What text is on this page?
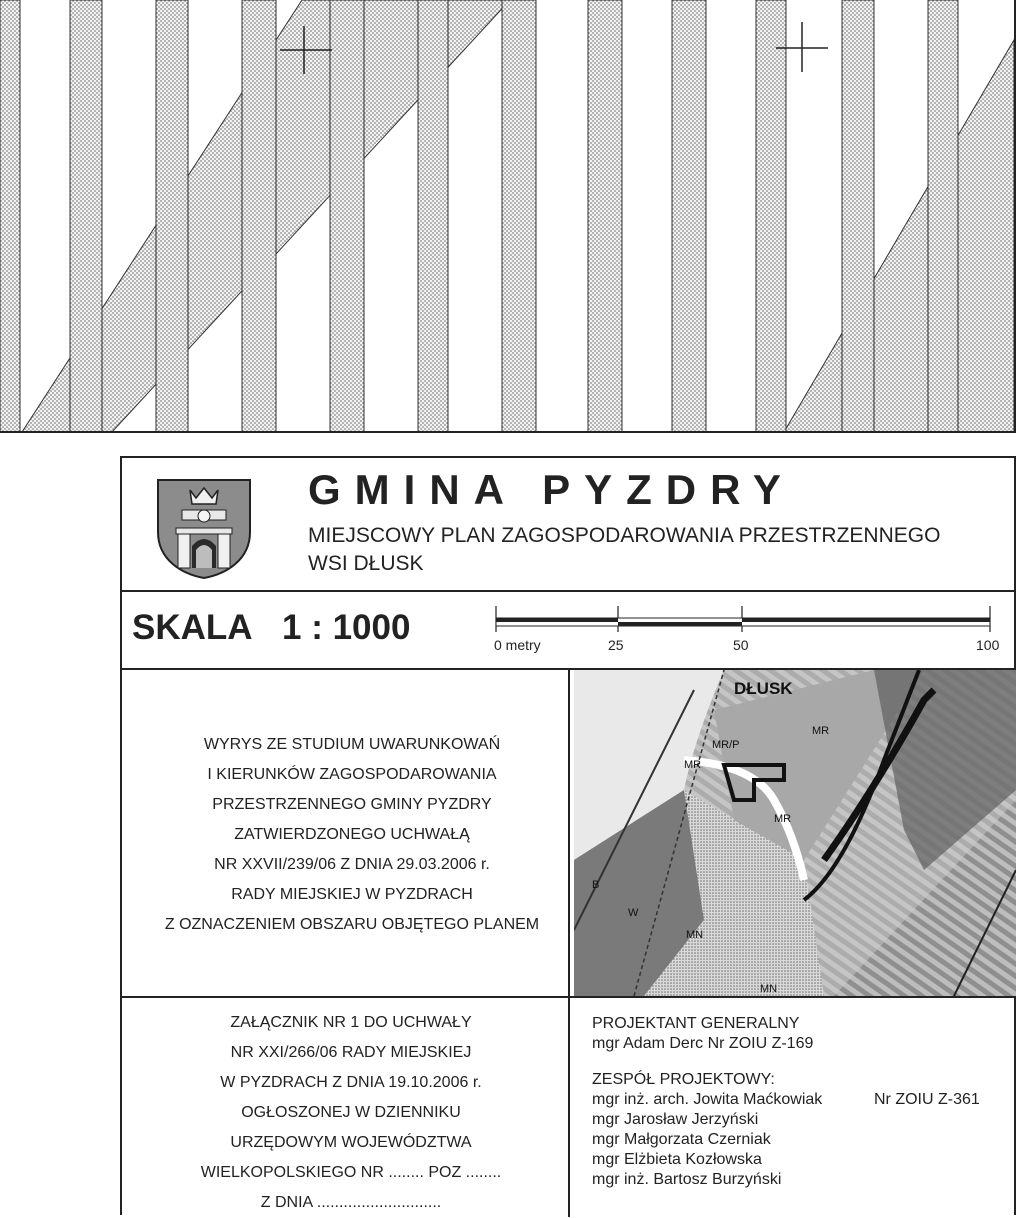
GMINA PYZDRY
MIEJSCOWY PLAN ZAGOSPODAROWANIA PRZESTRZENNEGO
WSI DŁUSK
SKALA 1 : 1000	0 metry	25	50	100
WYRYS ZE STUDIUM UWARUNKOWAŃ
I KIERUNKÓW ZAGOSPODAROWANIA
PRZESTRZENNEGO GMINY PYZDRY
ZATWIERDZONEGO UCHWAŁĄ
NR XXVII/239/06 Z DNIA 29.03.2006 r.
RADY MIEJSKIEJ W PYZDRACH
Z OZNACZENIEM OBSZARU OBJĘTEGO PLANEM
DŁUSK
MR/P
MR
MR
MR
MN
MN
W
B
ZAŁĄCZNIK NR 1 DO UCHWAŁY
NR XXI/266/06 RADY MIEJSKIEJ
W PYZDRACH Z DNIA 19.10.2006 r.
OGŁOSZONEJ W DZIENNIKU
URZĘDOWYM WOJEWÓDZTWA
WIELKOPOLSKIEGO NR ........ POZ ........
Z DNIA ............................
PROJEKTANT GENERALNY
mgr Adam Derc Nr ZOIU Z-169
ZESPÓŁ PROJEKTOWY:
mgr inż. arch. Jowita Maćkowiak	Nr ZOIU Z-361
mgr Jarosław Jerzyński
mgr Małgorzata Czerniak
mgr Elżbieta Kozłowska
mgr inż. Bartosz Burzyński
